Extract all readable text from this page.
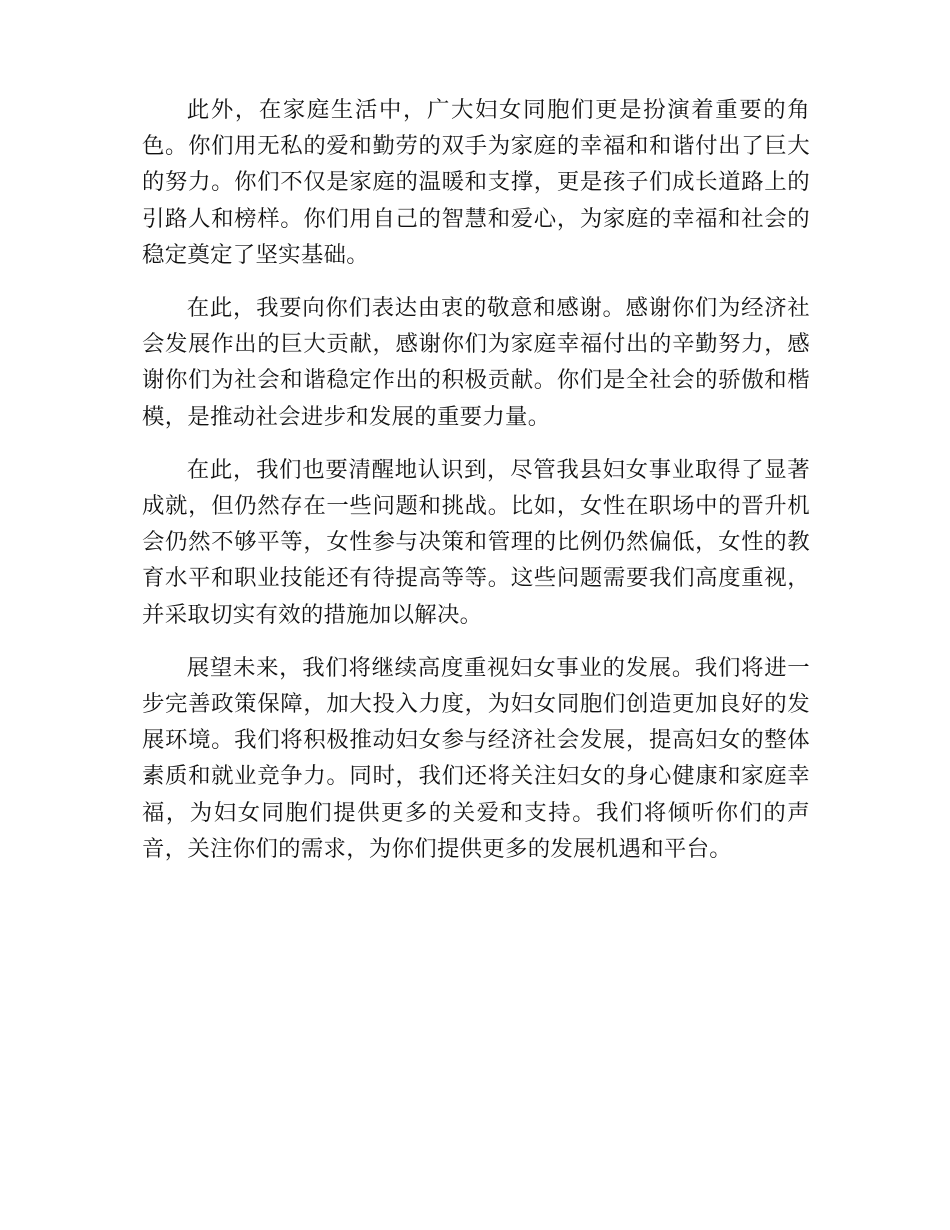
此外，在家庭生活中，广大妇女同胞们更是扮演着重要的角色。你们用无私的爱和勤劳的双手为家庭的幸福和和谐付出了巨大的努力。你们不仅是家庭的温暖和支撑，更是孩子们成长道路上的引路人和榜样。你们用自己的智慧和爱心，为家庭的幸福和社会的稳定奠定了坚实基础。

在此，我要向你们表达由衷的敬意和感谢。感谢你们为经济社会发展作出的巨大贡献，感谢你们为家庭幸福付出的辛勤努力，感谢你们为社会和谐稳定作出的积极贡献。你们是全社会的骄傲和楷模，是推动社会进步和发展的重要力量。

在此，我们也要清醒地认识到，尽管我县妇女事业取得了显著成就，但仍然存在一些问题和挑战。比如，女性在职场中的晋升机会仍然不够平等，女性参与决策和管理的比例仍然偏低，女性的教育水平和职业技能还有待提高等等。这些问题需要我们高度重视，并采取切实有效的措施加以解决。

展望未来，我们将继续高度重视妇女事业的发展。我们将进一步完善政策保障，加大投入力度，为妇女同胞们创造更加良好的发展环境。我们将积极推动妇女参与经济社会发展，提高妇女的整体素质和就业竞争力。同时，我们还将关注妇女的身心健康和家庭幸福，为妇女同胞们提供更多的关爱和支持。我们将倾听你们的声音，关注你们的需求，为你们提供更多的发展机遇和平台。
